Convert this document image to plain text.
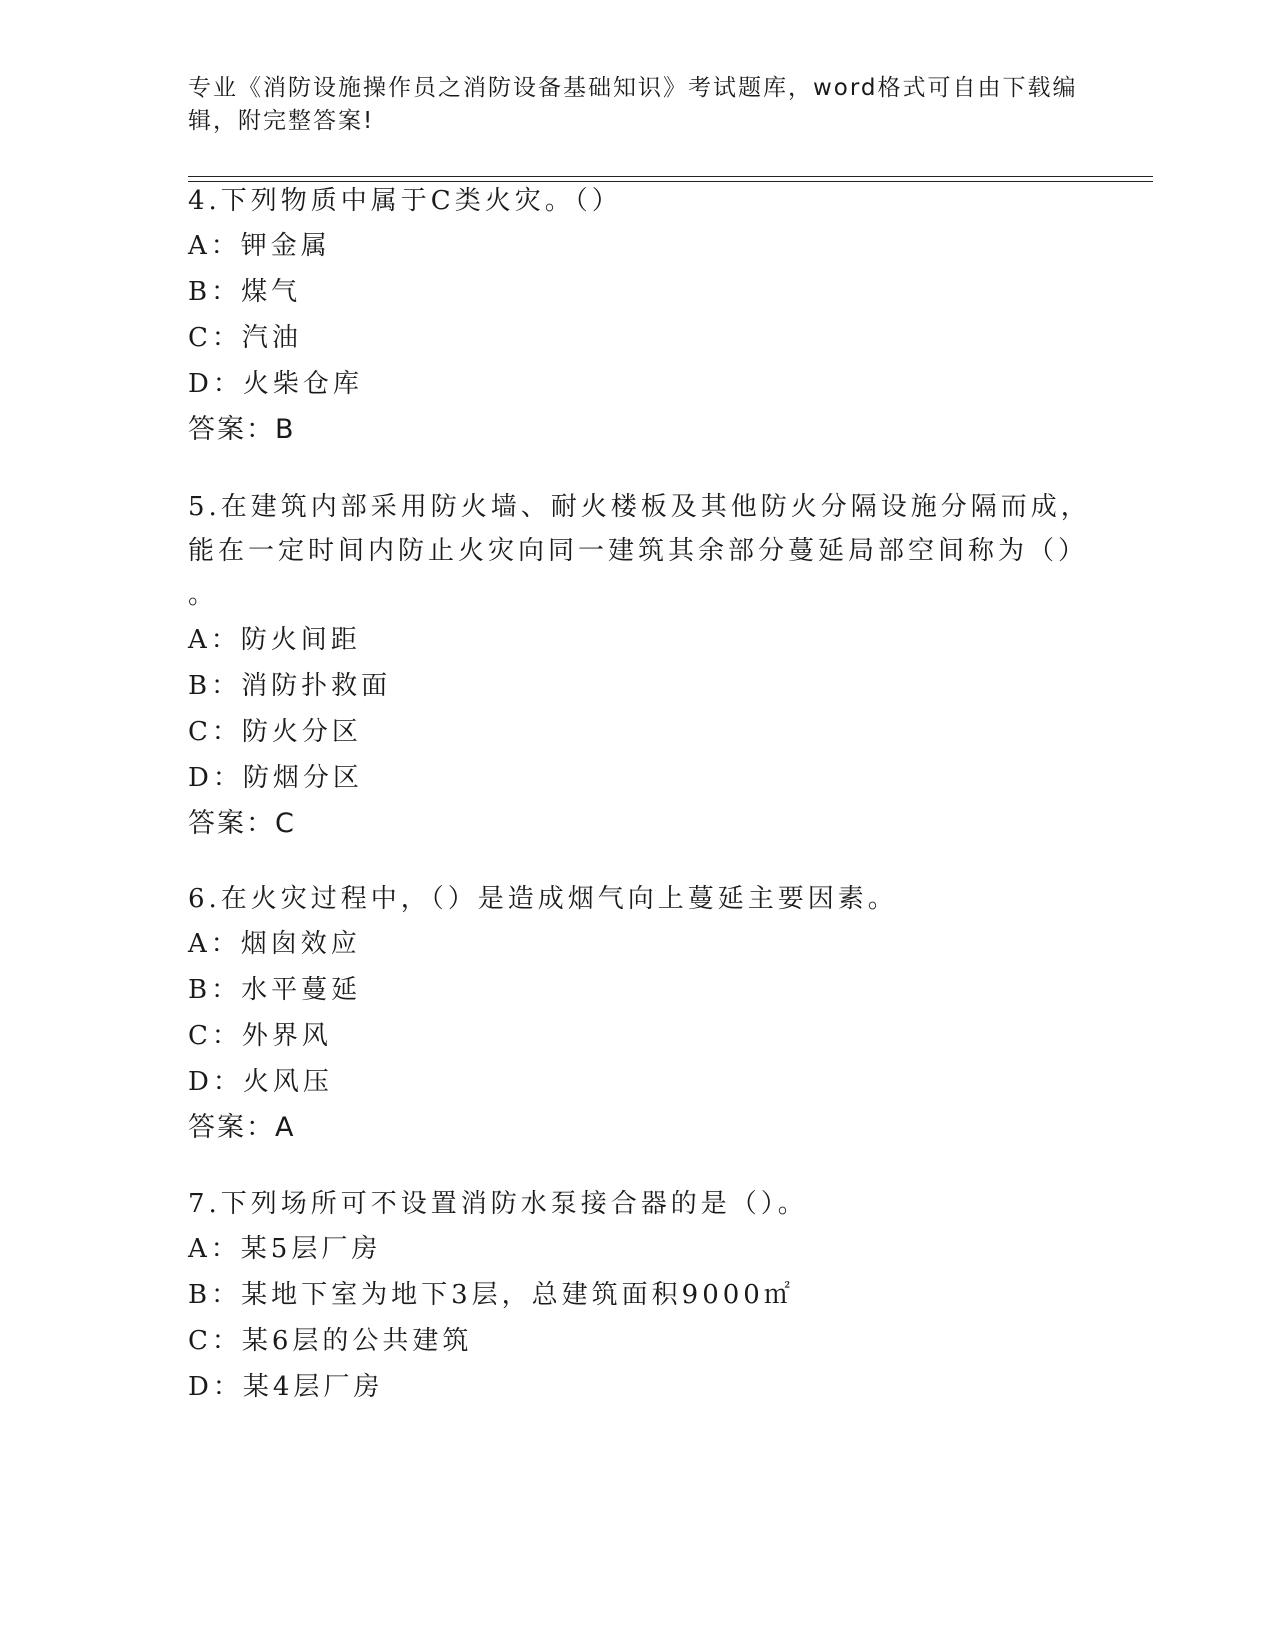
专业《消防设施操作员之消防设备基础知识》考试题库，word格式可自由下载编
辑，附完整答案!

4.下列物质中属于C类火灾。（）

A：钾金属

B：煤气

C：汽油

D：火柴仓库

答案：B

5.在建筑内部采用防火墙、耐火楼板及其他防火分隔设施分隔而成，

能在一定时间内防止火灾向同一建筑其余部分蔓延局部空间称为（）

。

A：防火间距

B：消防扑救面

C：防火分区

D：防烟分区

答案：C

6.在火灾过程中，（）是造成烟气向上蔓延主要因素。

A：烟囱效应

B：水平蔓延

C：外界风

D：火风压

答案：A

7.下列场所可不设置消防水泵接合器的是（）。

A：某5层厂房

B：某地下室为地下3层，总建筑面积9000㎡

C：某6层的公共建筑

D：某4层厂房
